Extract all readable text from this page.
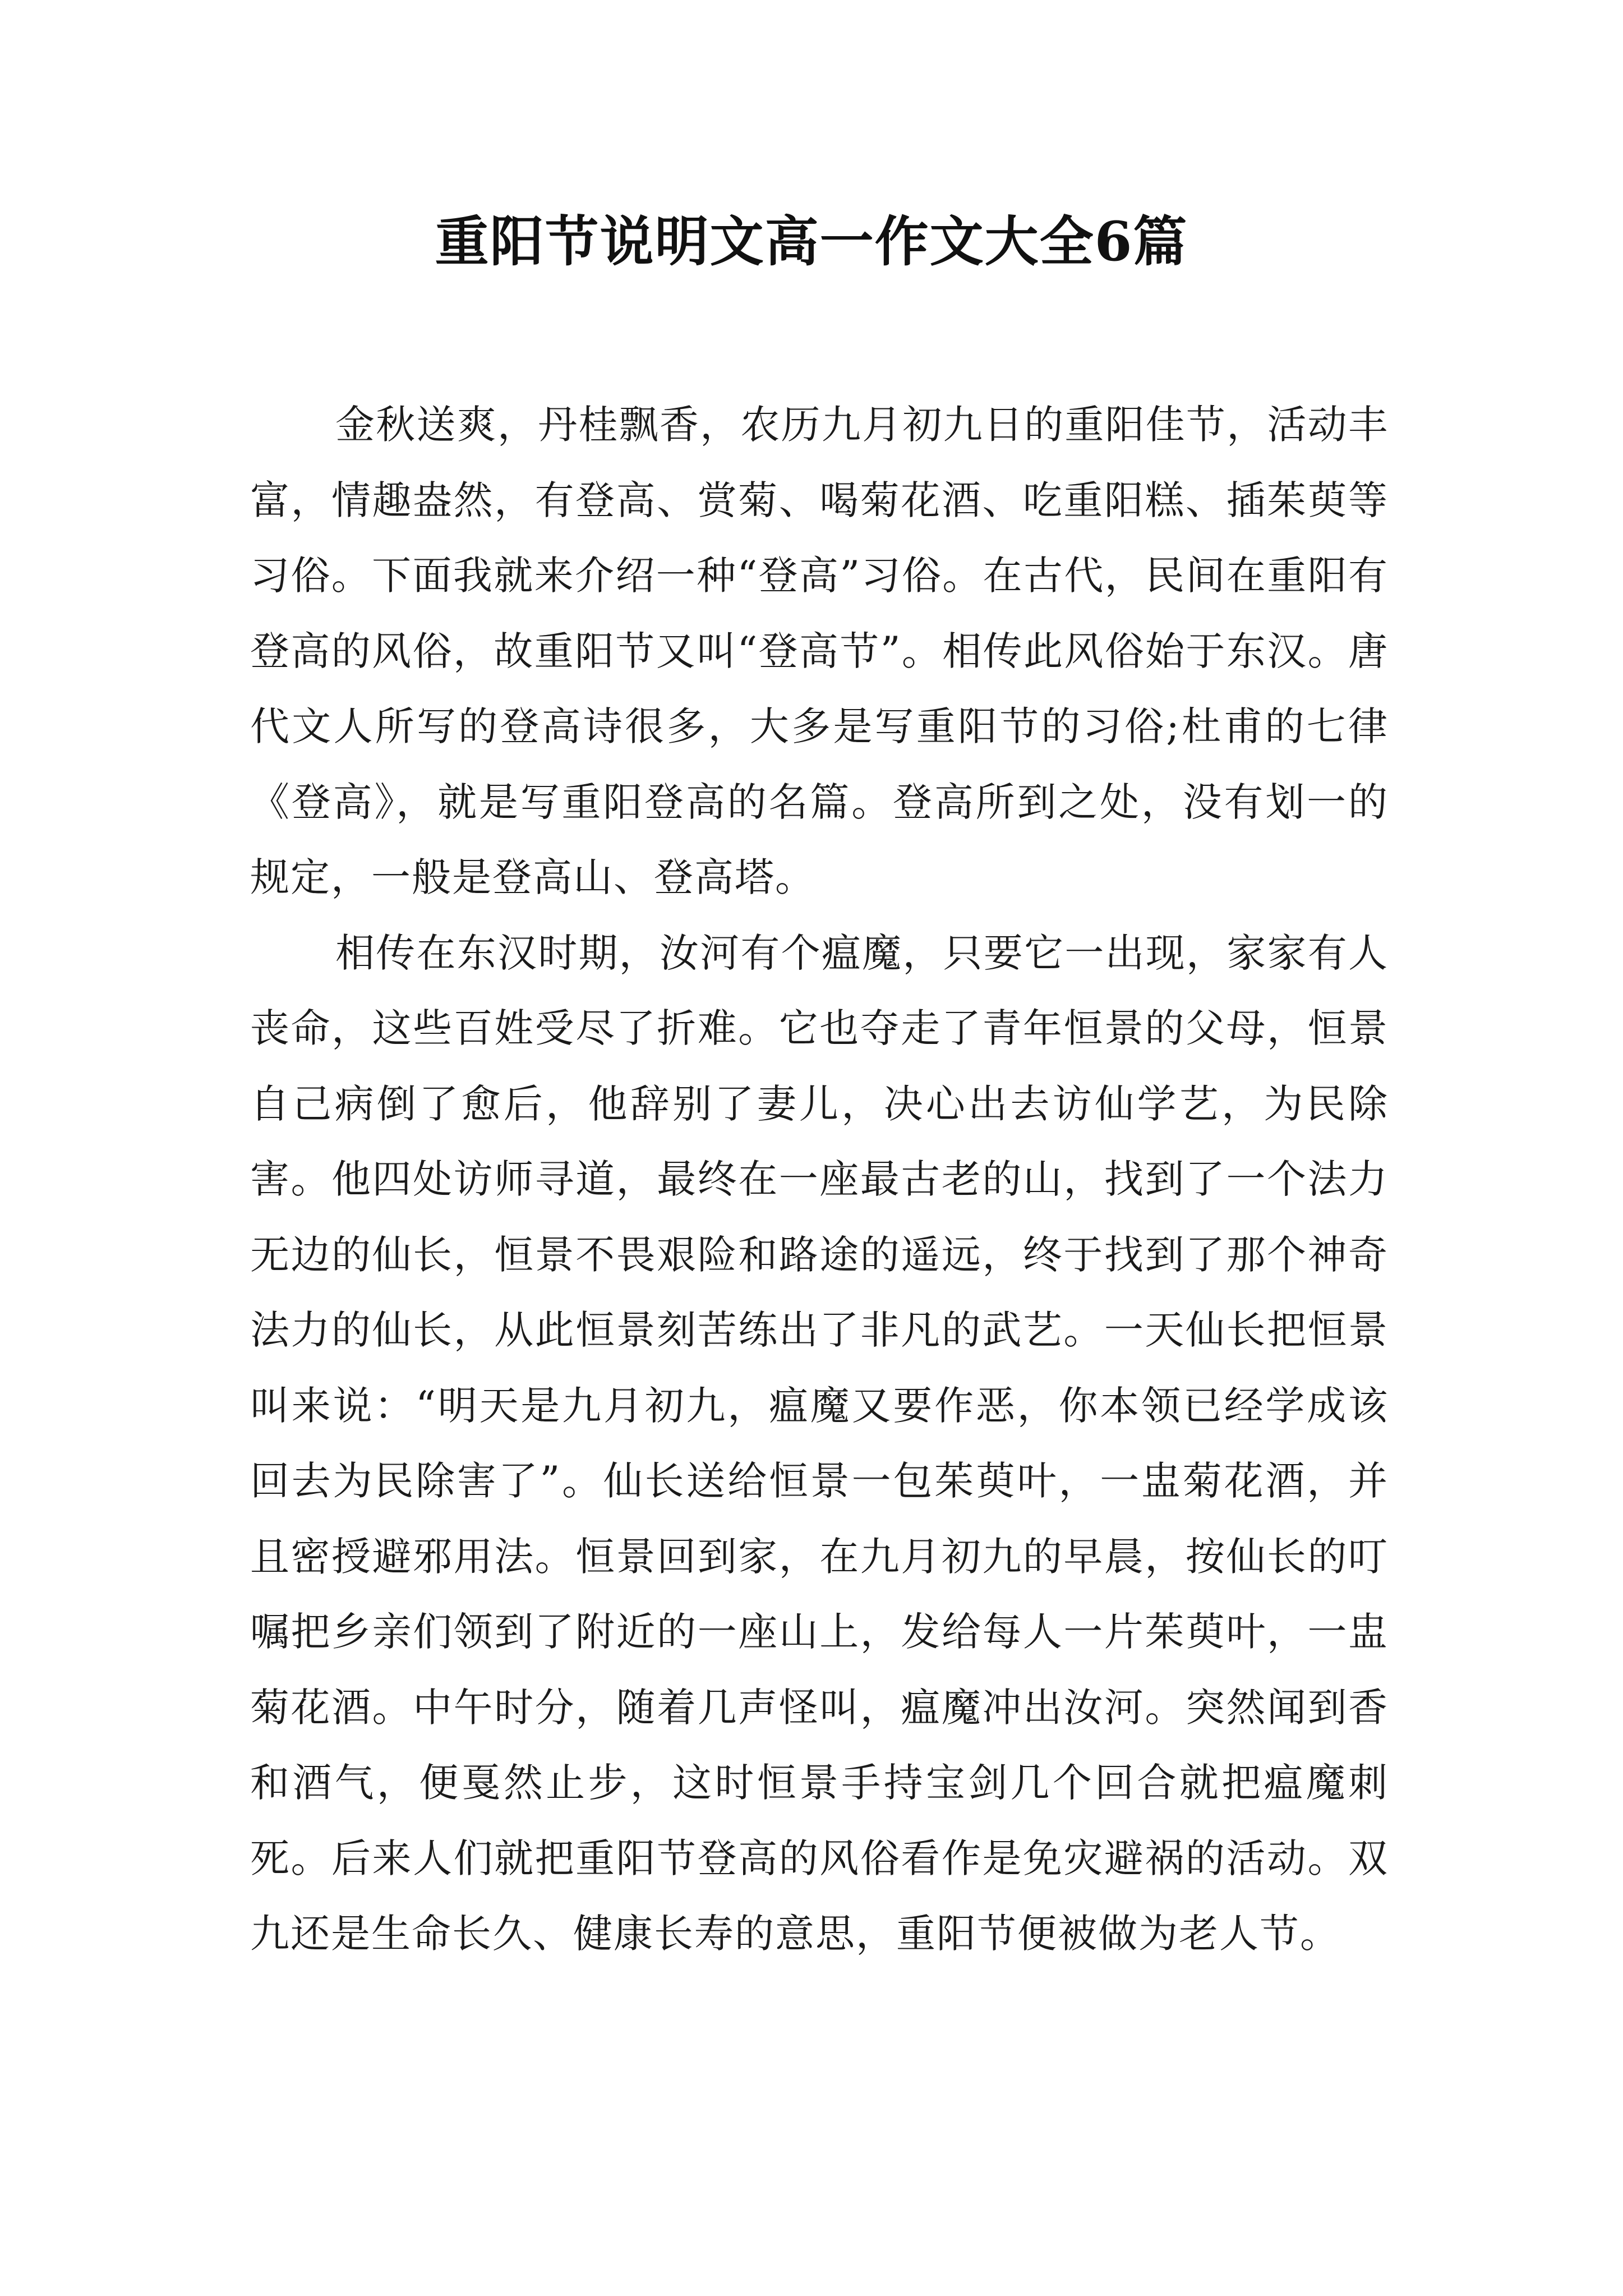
重阳节说明文高一作文大全6篇

金秋送爽，丹桂飘香，农历九月初九日的重阳佳节，活动丰富，情趣盎然，有登高、赏菊、喝菊花酒、吃重阳糕、插茱萸等习俗。下面我就来介绍一种“登高”习俗。在古代，民间在重阳有登高的风俗，故重阳节又叫“登高节”。相传此风俗始于东汉。唐代文人所写的登高诗很多，大多是写重阳节的习俗;杜甫的七律《登高》，就是写重阳登高的名篇。登高所到之处，没有划一的规定，一般是登高山、登高塔。

相传在东汉时期，汝河有个瘟魔，只要它一出现，家家有人丧命，这些百姓受尽了折难。它也夺走了青年恒景的父母，恒景自己病倒了愈后，他辞别了妻儿，决心出去访仙学艺，为民除害。他四处访师寻道，最终在一座最古老的山，找到了一个法力无边的仙长，恒景不畏艰险和路途的遥远，终于找到了那个神奇法力的仙长，从此恒景刻苦练出了非凡的武艺。一天仙长把恒景叫来说：“明天是九月初九，瘟魔又要作恶，你本领已经学成该回去为民除害了”。仙长送给恒景一包茱萸叶，一盅菊花酒，并且密授避邪用法。恒景回到家，在九月初九的早晨，按仙长的叮嘱把乡亲们领到了附近的一座山上，发给每人一片茱萸叶，一盅菊花酒。中午时分，随着几声怪叫，瘟魔冲出汝河。突然闻到香和酒气，便戛然止步，这时恒景手持宝剑几个回合就把瘟魔刺死。后来人们就把重阳节登高的风俗看作是免灾避祸的活动。双九还是生命长久、健康长寿的意思，重阳节便被做为老人节。
